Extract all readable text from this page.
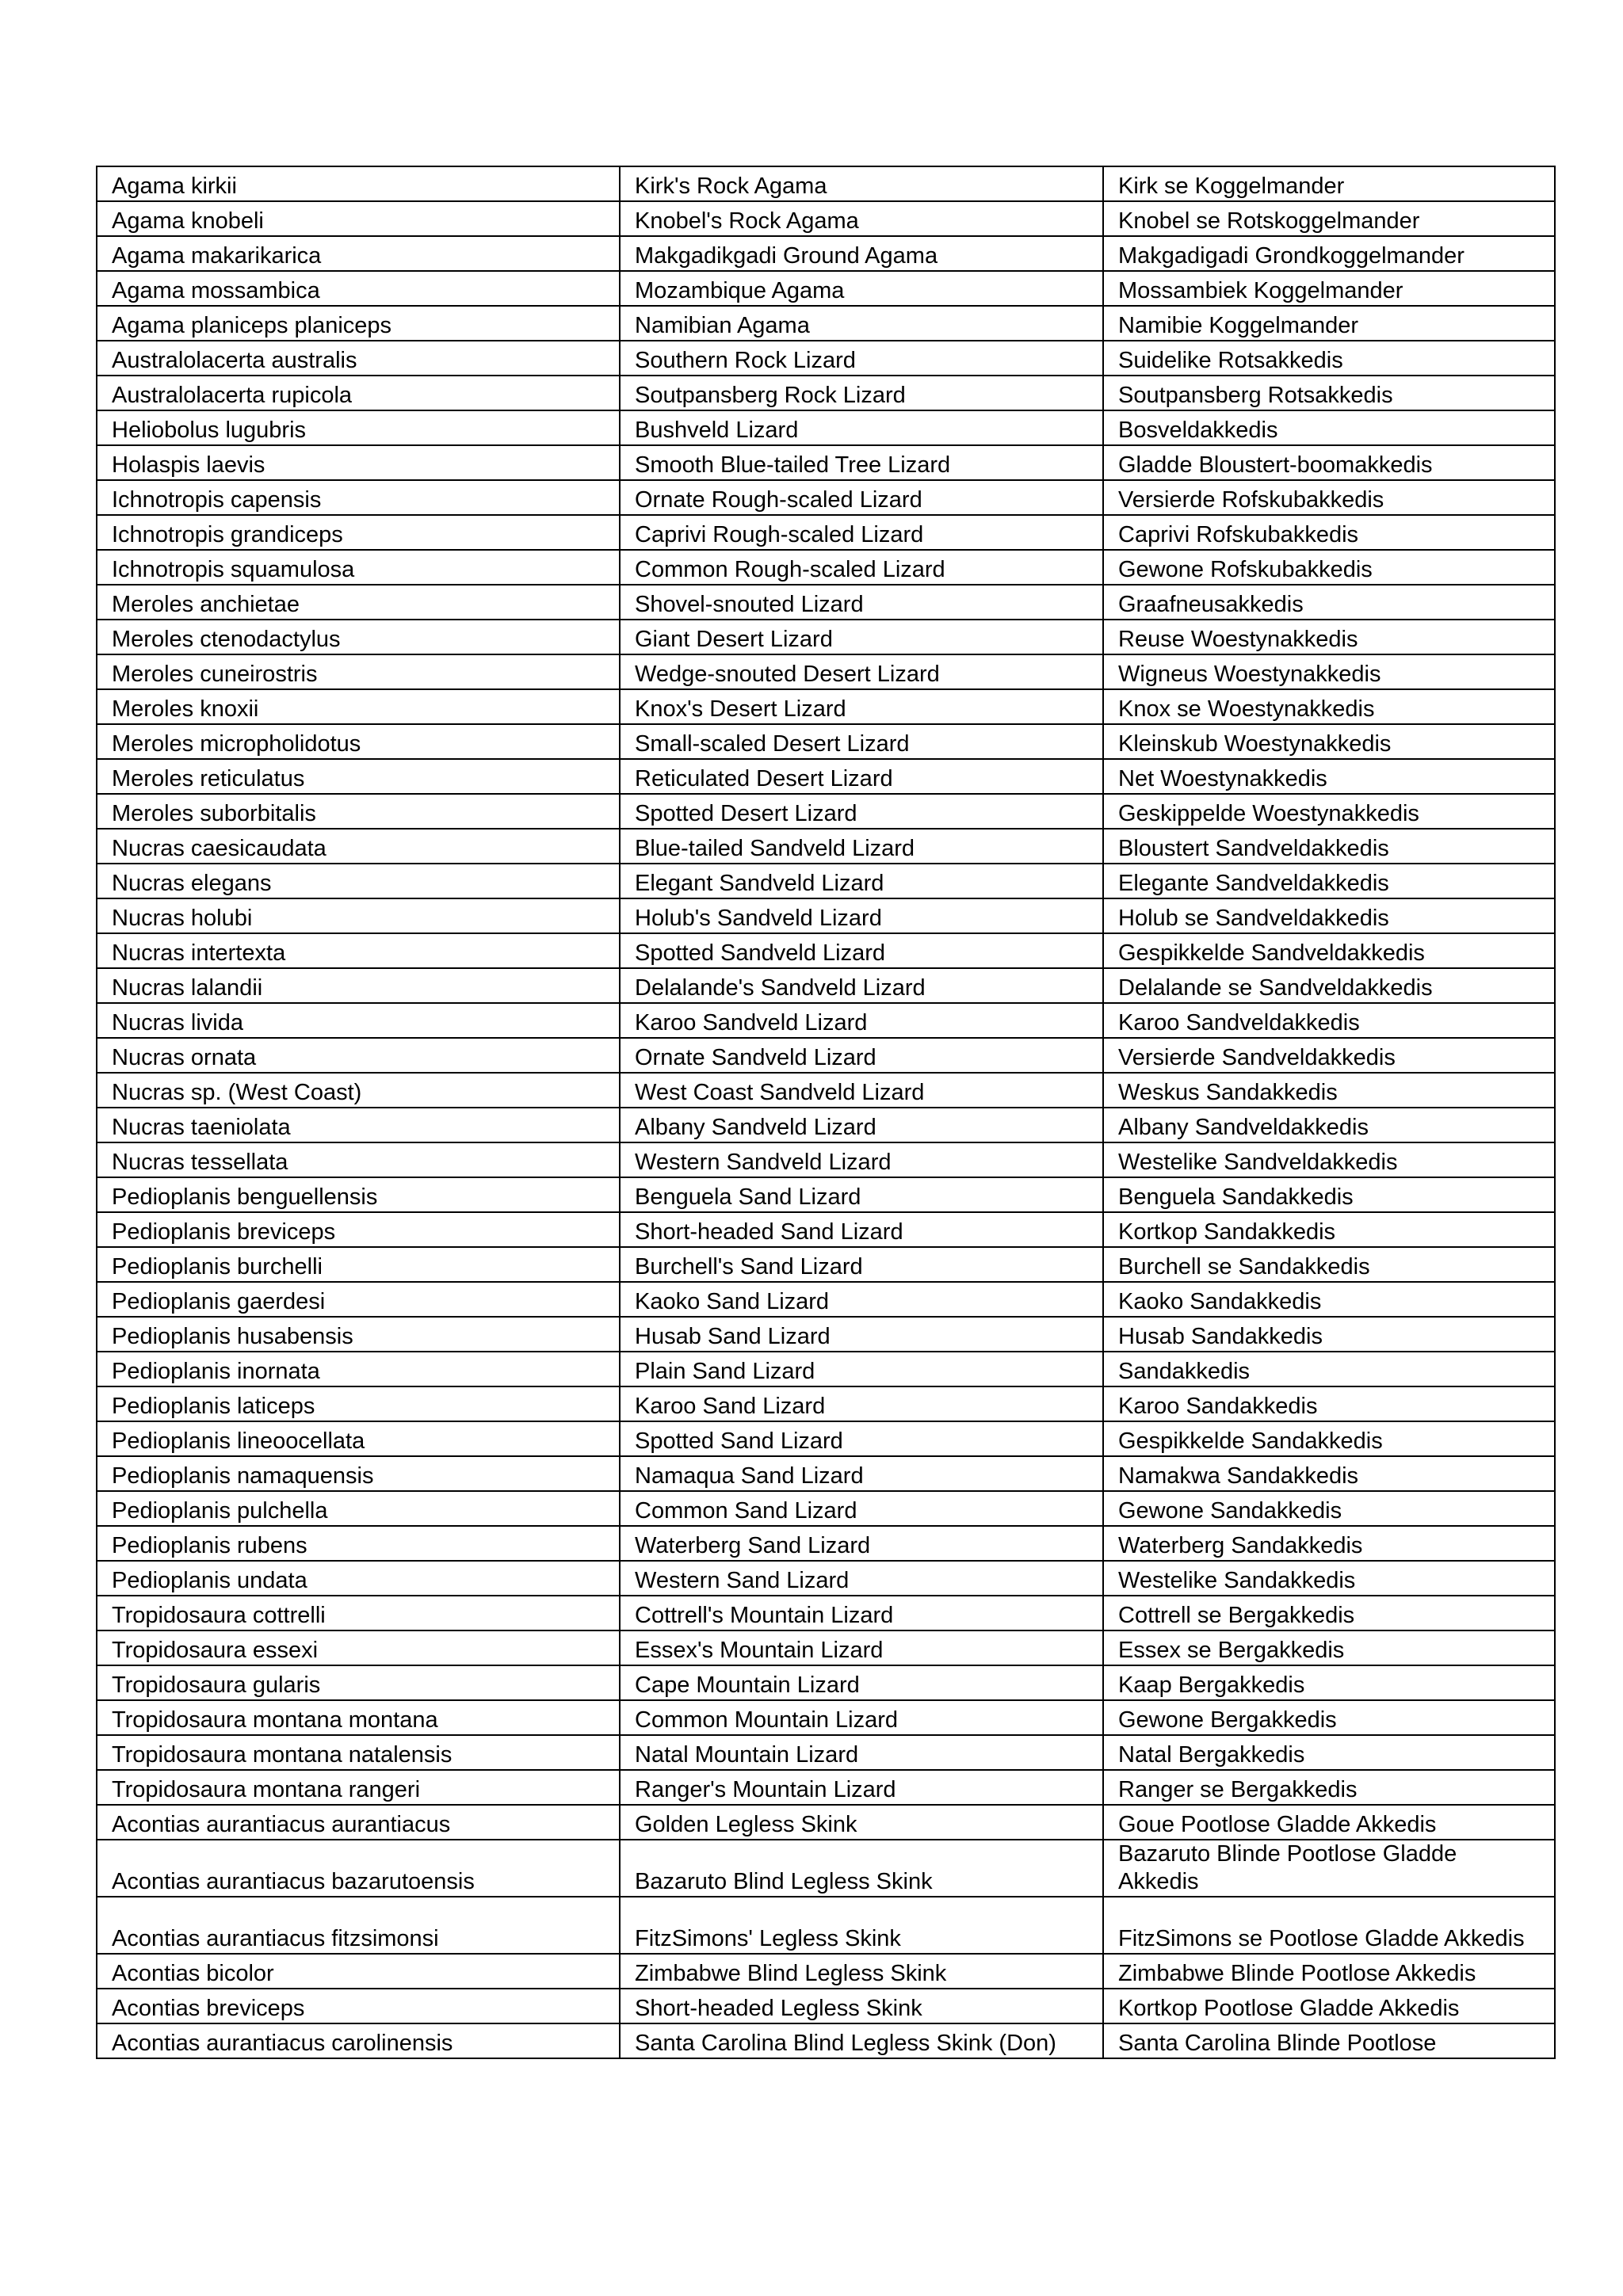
Agama kirkii	Kirk's Rock Agama	Kirk se Koggelmander
Agama knobeli	Knobel's Rock Agama	Knobel se Rotskoggelmander
Agama makarikarica	Makgadikgadi Ground Agama	Makgadigadi Grondkoggelmander
Agama mossambica	Mozambique Agama	Mossambiek Koggelmander
Agama planiceps planiceps	Namibian Agama	Namibie Koggelmander
Australolacerta australis	Southern Rock Lizard	Suidelike Rotsakkedis
Australolacerta rupicola	Soutpansberg Rock Lizard	Soutpansberg Rotsakkedis
Heliobolus lugubris	Bushveld Lizard	Bosveldakkedis
Holaspis laevis	Smooth Blue-tailed Tree Lizard	Gladde Bloustert-boomakkedis
Ichnotropis capensis	Ornate Rough-scaled Lizard	Versierde Rofskubakkedis
Ichnotropis grandiceps	Caprivi Rough-scaled Lizard	Caprivi Rofskubakkedis
Ichnotropis squamulosa	Common Rough-scaled Lizard	Gewone Rofskubakkedis
Meroles anchietae	Shovel-snouted Lizard	Graafneusakkedis
Meroles ctenodactylus	Giant Desert Lizard	Reuse Woestynakkedis
Meroles cuneirostris	Wedge-snouted Desert Lizard	Wigneus Woestynakkedis
Meroles knoxii	Knox's Desert Lizard	Knox se Woestynakkedis
Meroles micropholidotus	Small-scaled Desert Lizard	Kleinskub Woestynakkedis
Meroles reticulatus	Reticulated Desert Lizard	Net Woestynakkedis
Meroles suborbitalis	Spotted Desert Lizard	Geskippelde Woestynakkedis
Nucras caesicaudata	Blue-tailed Sandveld Lizard	Bloustert Sandveldakkedis
Nucras elegans	Elegant Sandveld Lizard	Elegante Sandveldakkedis
Nucras holubi	Holub's Sandveld Lizard	Holub se Sandveldakkedis
Nucras intertexta	Spotted Sandveld Lizard	Gespikkelde Sandveldakkedis
Nucras lalandii	Delalande's Sandveld Lizard	Delalande se Sandveldakkedis
Nucras livida	Karoo Sandveld Lizard	Karoo Sandveldakkedis
Nucras ornata	Ornate Sandveld Lizard	Versierde Sandveldakkedis
Nucras sp. (West Coast)	West Coast Sandveld Lizard	Weskus Sandakkedis
Nucras taeniolata	Albany Sandveld Lizard	Albany Sandveldakkedis
Nucras tessellata	Western Sandveld Lizard	Westelike Sandveldakkedis
Pedioplanis benguellensis	Benguela Sand Lizard	Benguela Sandakkedis
Pedioplanis breviceps	Short-headed Sand Lizard	Kortkop Sandakkedis
Pedioplanis burchelli	Burchell's Sand Lizard	Burchell se Sandakkedis
Pedioplanis gaerdesi	Kaoko Sand Lizard	Kaoko Sandakkedis
Pedioplanis husabensis	Husab Sand Lizard	Husab Sandakkedis
Pedioplanis inornata	Plain Sand Lizard	Sandakkedis
Pedioplanis laticeps	Karoo Sand Lizard	Karoo Sandakkedis
Pedioplanis lineoocellata	Spotted Sand Lizard	Gespikkelde Sandakkedis
Pedioplanis namaquensis	Namaqua Sand Lizard	Namakwa Sandakkedis
Pedioplanis pulchella	Common Sand Lizard	Gewone Sandakkedis
Pedioplanis rubens	Waterberg Sand Lizard	Waterberg Sandakkedis
Pedioplanis undata	Western Sand Lizard	Westelike Sandakkedis
Tropidosaura cottrelli	Cottrell's Mountain Lizard	Cottrell se Bergakkedis
Tropidosaura essexi	Essex's Mountain Lizard	Essex se Bergakkedis
Tropidosaura gularis	Cape Mountain Lizard	Kaap Bergakkedis
Tropidosaura montana montana	Common Mountain Lizard	Gewone Bergakkedis
Tropidosaura montana natalensis	Natal Mountain Lizard	Natal Bergakkedis
Tropidosaura montana rangeri	Ranger's Mountain Lizard	Ranger se Bergakkedis
Acontias aurantiacus aurantiacus	Golden Legless Skink	Goue Pootlose Gladde Akkedis
Acontias aurantiacus bazarutoensis	Bazaruto Blind Legless Skink	Bazaruto Blinde Pootlose Gladde Akkedis
Acontias aurantiacus fitzsimonsi	FitzSimons' Legless Skink	FitzSimons se Pootlose Gladde Akkedis
Acontias bicolor	Zimbabwe Blind Legless Skink	Zimbabwe Blinde Pootlose Akkedis
Acontias breviceps	Short-headed Legless Skink	Kortkop Pootlose Gladde Akkedis
Acontias aurantiacus carolinensis	Santa Carolina Blind Legless Skink (Don)	Santa Carolina Blinde Pootlose
